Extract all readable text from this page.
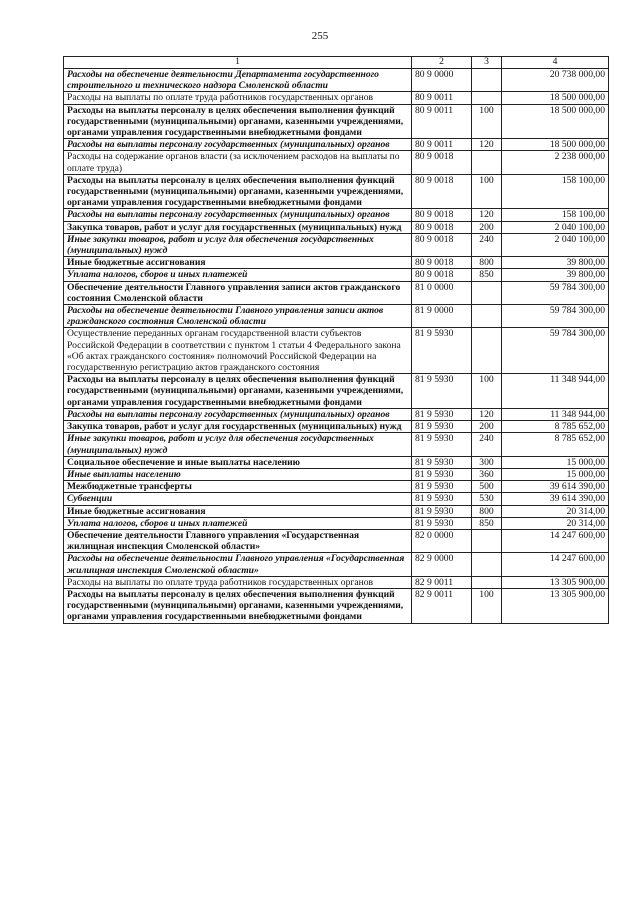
255
1	2	3	4
Расходы на обеспечение деятельности Департамента государственного строительного и технического надзора Смоленской области	80 9 0000		20 738 000,00
Расходы на выплаты по оплате труда работников государственных органов	80 9 0011		18 500 000,00
Расходы на выплаты персоналу в целях обеспечения выполнения функций государственными (муниципальными) органами, казенными учреждениями, органами управления государственными внебюджетными фондами	80 9 0011	100	18 500 000,00
Расходы на выплаты персоналу государственных (муниципальных) органов	80 9 0011	120	18 500 000,00
Расходы на содержание органов власти (за исключением расходов на выплаты по оплате труда)	80 9 0018		2 238 000,00
Расходы на выплаты персоналу в целях обеспечения выполнения функций государственными (муниципальными) органами, казенными учреждениями, органами управления государственными внебюджетными фондами	80 9 0018	100	158 100,00
Расходы на выплаты персоналу государственных (муниципальных) органов	80 9 0018	120	158 100,00
Закупка товаров, работ и услуг для государственных (муниципальных) нужд	80 9 0018	200	2 040 100,00
Иные закупки товаров, работ и услуг для обеспечения государственных (муниципальных) нужд	80 9 0018	240	2 040 100,00
Иные бюджетные ассигнования	80 9 0018	800	39 800,00
Уплата налогов, сборов и иных платежей	80 9 0018	850	39 800,00
Обеспечение деятельности Главного управления записи актов гражданского состояния Смоленской области	81 0 0000		59 784 300,00
Расходы на обеспечение деятельности Главного управления записи актов гражданского состояния Смоленской области	81 9 0000		59 784 300,00
Осуществление переданных органам государственной власти субъектов Российской Федерации в соответствии с пунктом 1 статьи 4 Федерального закона «Об актах гражданского состояния» полномочий Российской Федерации на государственную регистрацию актов гражданского состояния	81 9 5930		59 784 300,00
Расходы на выплаты персоналу в целях обеспечения выполнения функций государственными (муниципальными) органами, казенными учреждениями, органами управления государственными внебюджетными фондами	81 9 5930	100	11 348 944,00
Расходы на выплаты персоналу государственных (муниципальных) органов	81 9 5930	120	11 348 944,00
Закупка товаров, работ и услуг для государственных (муниципальных) нужд	81 9 5930	200	8 785 652,00
Иные закупки товаров, работ и услуг для обеспечения государственных (муниципальных) нужд	81 9 5930	240	8 785 652,00
Социальное обеспечение и иные выплаты населению	81 9 5930	300	15 000,00
Иные выплаты населению	81 9 5930	360	15 000,00
Межбюджетные трансферты	81 9 5930	500	39 614 390,00
Субвенции	81 9 5930	530	39 614 390,00
Иные бюджетные ассигнования	81 9 5930	800	20 314,00
Уплата налогов, сборов и иных платежей	81 9 5930	850	20 314,00
Обеспечение деятельности Главного управления «Государственная жилищная инспекция Смоленской области»	82 0 0000		14 247 600,00
Расходы на обеспечение деятельности Главного управления «Государственная жилищная инспекция Смоленской области»	82 9 0000		14 247 600,00
Расходы на выплаты по оплате труда работников государственных органов	82 9 0011		13 305 900,00
Расходы на выплаты персоналу в целях обеспечения выполнения функций государственными (муниципальными) органами, казенными учреждениями, органами управления государственными внебюджетными фондами	82 9 0011	100	13 305 900,00
